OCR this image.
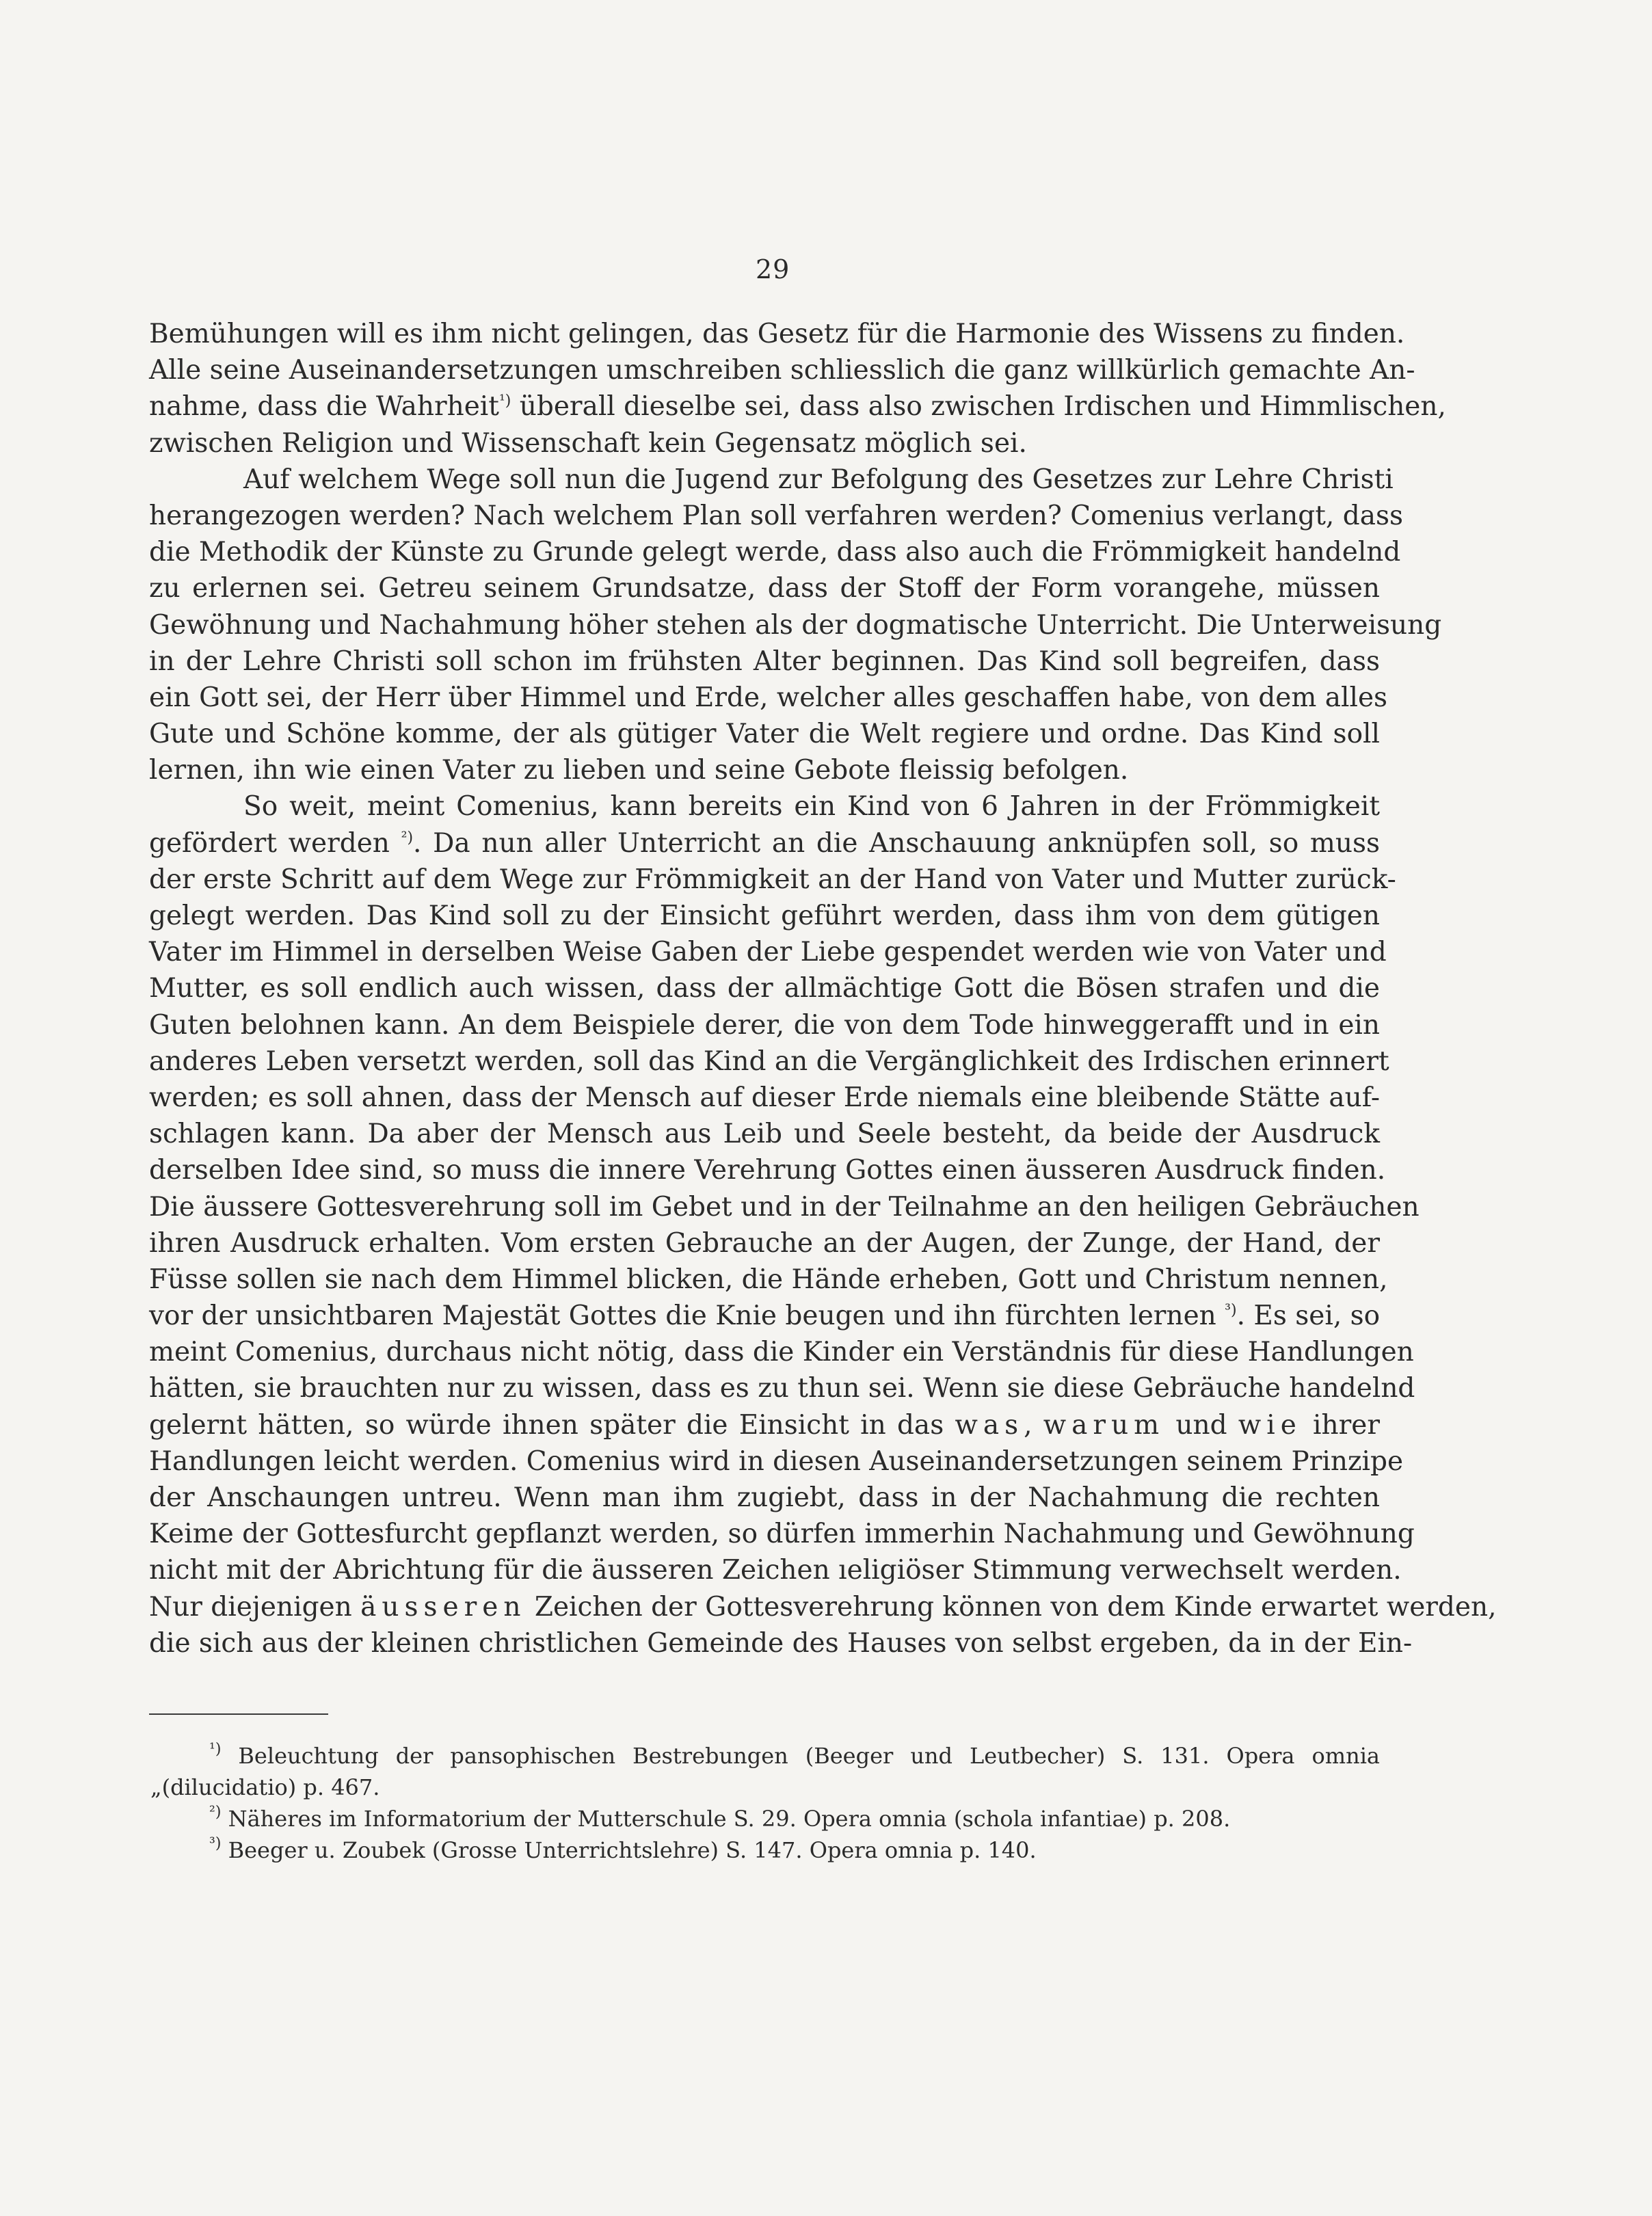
29
Bemühungen will es ihm nicht gelingen, das Gesetz für die Harmonie des Wissens zu finden.
Alle seine Auseinandersetzungen umschreiben schliesslich die ganz willkürlich gemachte An-
nahme, dass die Wahrheit$^{^1)}$ überall dieselbe sei, dass also zwischen Irdischen und Himmlischen,
zwischen Religion und Wissenschaft kein Gegensatz möglich sei.
Auf welchem Wege soll nun die Jugend zur Befolgung des Gesetzes zur Lehre Christi
herangezogen werden? Nach welchem Plan soll verfahren werden? Comenius verlangt, dass
die Methodik der Künste zu Grunde gelegt werde, dass also auch die Frömmigkeit handelnd
zu erlernen sei. Getreu seinem Grundsatze, dass der Stoff der Form vorangehe, müssen
Gewöhnung und Nachahmung höher stehen als der dogmatische Unterricht. Die Unterweisung
in der Lehre Christi soll schon im frühsten Alter beginnen. Das Kind soll begreifen, dass
ein Gott sei, der Herr über Himmel und Erde, welcher alles geschaffen habe, von dem alles
Gute und Schöne komme, der als gütiger Vater die Welt regiere und ordne. Das Kind soll
lernen, ihn wie einen Vater zu lieben und seine Gebote fleissig befolgen.
So weit, meint Comenius, kann bereits ein Kind von 6 Jahren in der Frömmigkeit
gefördert werden $^{^2)}$. Da nun aller Unterricht an die Anschauung anknüpfen soll, so muss
der erste Schritt auf dem Wege zur Frömmigkeit an der Hand von Vater und Mutter zurück-
gelegt werden. Das Kind soll zu der Einsicht geführt werden, dass ihm von dem gütigen
Vater im Himmel in derselben Weise Gaben der Liebe gespendet werden wie von Vater und
Mutter, es soll endlich auch wissen, dass der allmächtige Gott die Bösen strafen und die
Guten belohnen kann. An dem Beispiele derer, die von dem Tode hinweggerafft und in ein
anderes Leben versetzt werden, soll das Kind an die Vergänglichkeit des Irdischen erinnert
werden; es soll ahnen, dass der Mensch auf dieser Erde niemals eine bleibende Stätte auf-
schlagen kann. Da aber der Mensch aus Leib und Seele besteht, da beide der Ausdruck
derselben Idee sind, so muss die innere Verehrung Gottes einen äusseren Ausdruck finden.
Die äussere Gottesverehrung soll im Gebet und in der Teilnahme an den heiligen Gebräuchen
ihren Ausdruck erhalten. Vom ersten Gebrauche an der Augen, der Zunge, der Hand, der
Füsse sollen sie nach dem Himmel blicken, die Hände erheben, Gott und Christum nennen,
vor der unsichtbaren Majestät Gottes die Knie beugen und ihn fürchten lernen $^{^3)}$. Es sei, so
meint Comenius, durchaus nicht nötig, dass die Kinder ein Verständnis für diese Handlungen
hätten, sie brauchten nur zu wissen, dass es zu thun sei. Wenn sie diese Gebräuche handelnd
gelernt hätten, so würde ihnen später die Einsicht in das was, warum und wie ihrer
Handlungen leicht werden. Comenius wird in diesen Auseinandersetzungen seinem Prinzipe
der Anschaungen untreu. Wenn man ihm zugiebt, dass in der Nachahmung die rechten
Keime der Gottesfurcht gepflanzt werden, so dürfen immerhin Nachahmung und Gewöhnung
nicht mit der Abrichtung für die äusseren Zeichen ıeligiöser Stimmung verwechselt werden.
Nur diejenigen äusseren Zeichen der Gottesverehrung können von dem Kinde erwartet werden,
die sich aus der kleinen christlichen Gemeinde des Hauses von selbst ergeben, da in der Ein-
$^{^1)}$ Beleuchtung der pansophischen Bestrebungen (Beeger und Leutbecher) S. 131. Opera omnia
„(dilucidatio) p. 467.
$^{^2)}$ Näheres im Informatorium der Mutterschule S. 29. Opera omnia (schola infantiae) p. 208.
$^{^3)}$ Beeger u. Zoubek (Grosse Unterrichtslehre) S. 147. Opera omnia p. 140.
